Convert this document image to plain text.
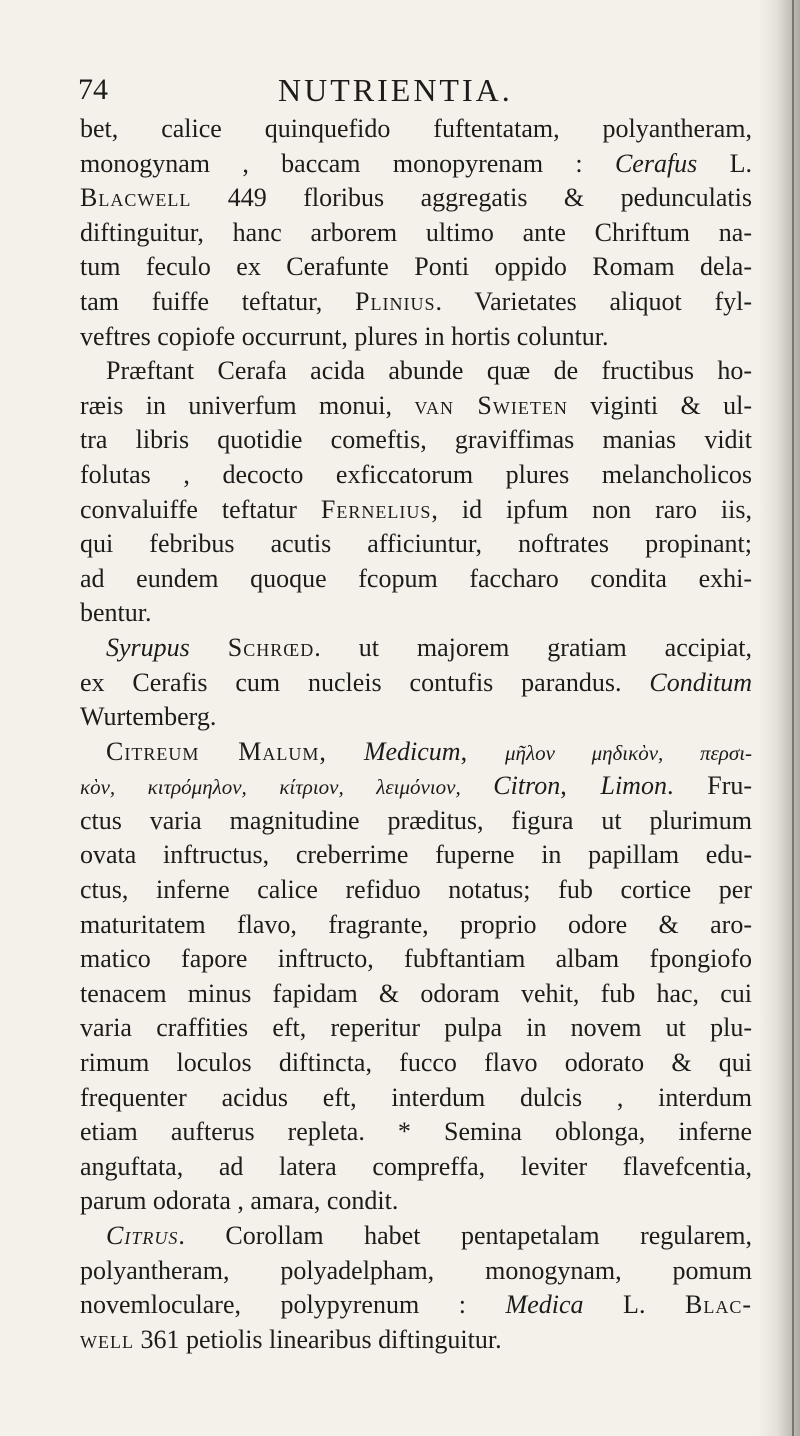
74	NUTRIENTIA.
bet, calice quinquefido fuftentatam, polyantheram,
monogynam , baccam monopyrenam : Cerafus L.
Blacwell 449 floribus aggregatis & pedunculatis
diftinguitur, hanc arborem ultimo ante Chriftum na-
tum feculo ex Cerafunte Ponti oppido Romam dela-
tam fuiffe teftatur, Plinius. Varietates aliquot fyl-
veftres copiofe occurrunt, plures in hortis coluntur.
Præftant Cerafa acida abunde quæ de fructibus ho-
ræis in univerfum monui, van Swieten viginti & ul-
tra libris quotidie comeftis, graviffimas manias vidit
folutas , decocto exficcatorum plures melancholicos
convaluiffe teftatur Fernelius, id ipfum non raro iis,
qui febribus acutis afficiuntur, noftrates propinant;
ad eundem quoque fcopum faccharo condita exhi-
bentur.
Syrupus Schrœd. ut majorem gratiam accipiat,
ex Cerafis cum nucleis contufis parandus. Conditum
Wurtemberg.
Citreum Malum, Medicum, μῆλον μηδικὸν, περσι-
κὸν, κιτρόμηλον, κίτριον, λειμόνιον, Citron, Limon. Fru-
ctus varia magnitudine præditus, figura ut plurimum
ovata inftructus, creberrime fuperne in papillam edu-
ctus, inferne calice refiduo notatus; fub cortice per
maturitatem flavo, fragrante, proprio odore & aro-
matico fapore inftructo, fubftantiam albam fpongiofo
tenacem minus fapidam & odoram vehit, fub hac, cui
varia craffities eft, reperitur pulpa in novem ut plu-
rimum loculos diftincta, fucco flavo odorato & qui
frequenter acidus eft, interdum dulcis , interdum
etiam aufterus repleta. * Semina oblonga, inferne
anguftata, ad latera compreffa, leviter flavefcentia,
parum odorata , amara, condit.
Citrus. Corollam habet pentapetalam regularem,
polyantheram, polyadelpham, monogynam, pomum
novemloculare, polypyrenum : Medica L. Blac-
well 361 petiolis linearibus diftinguitur.
